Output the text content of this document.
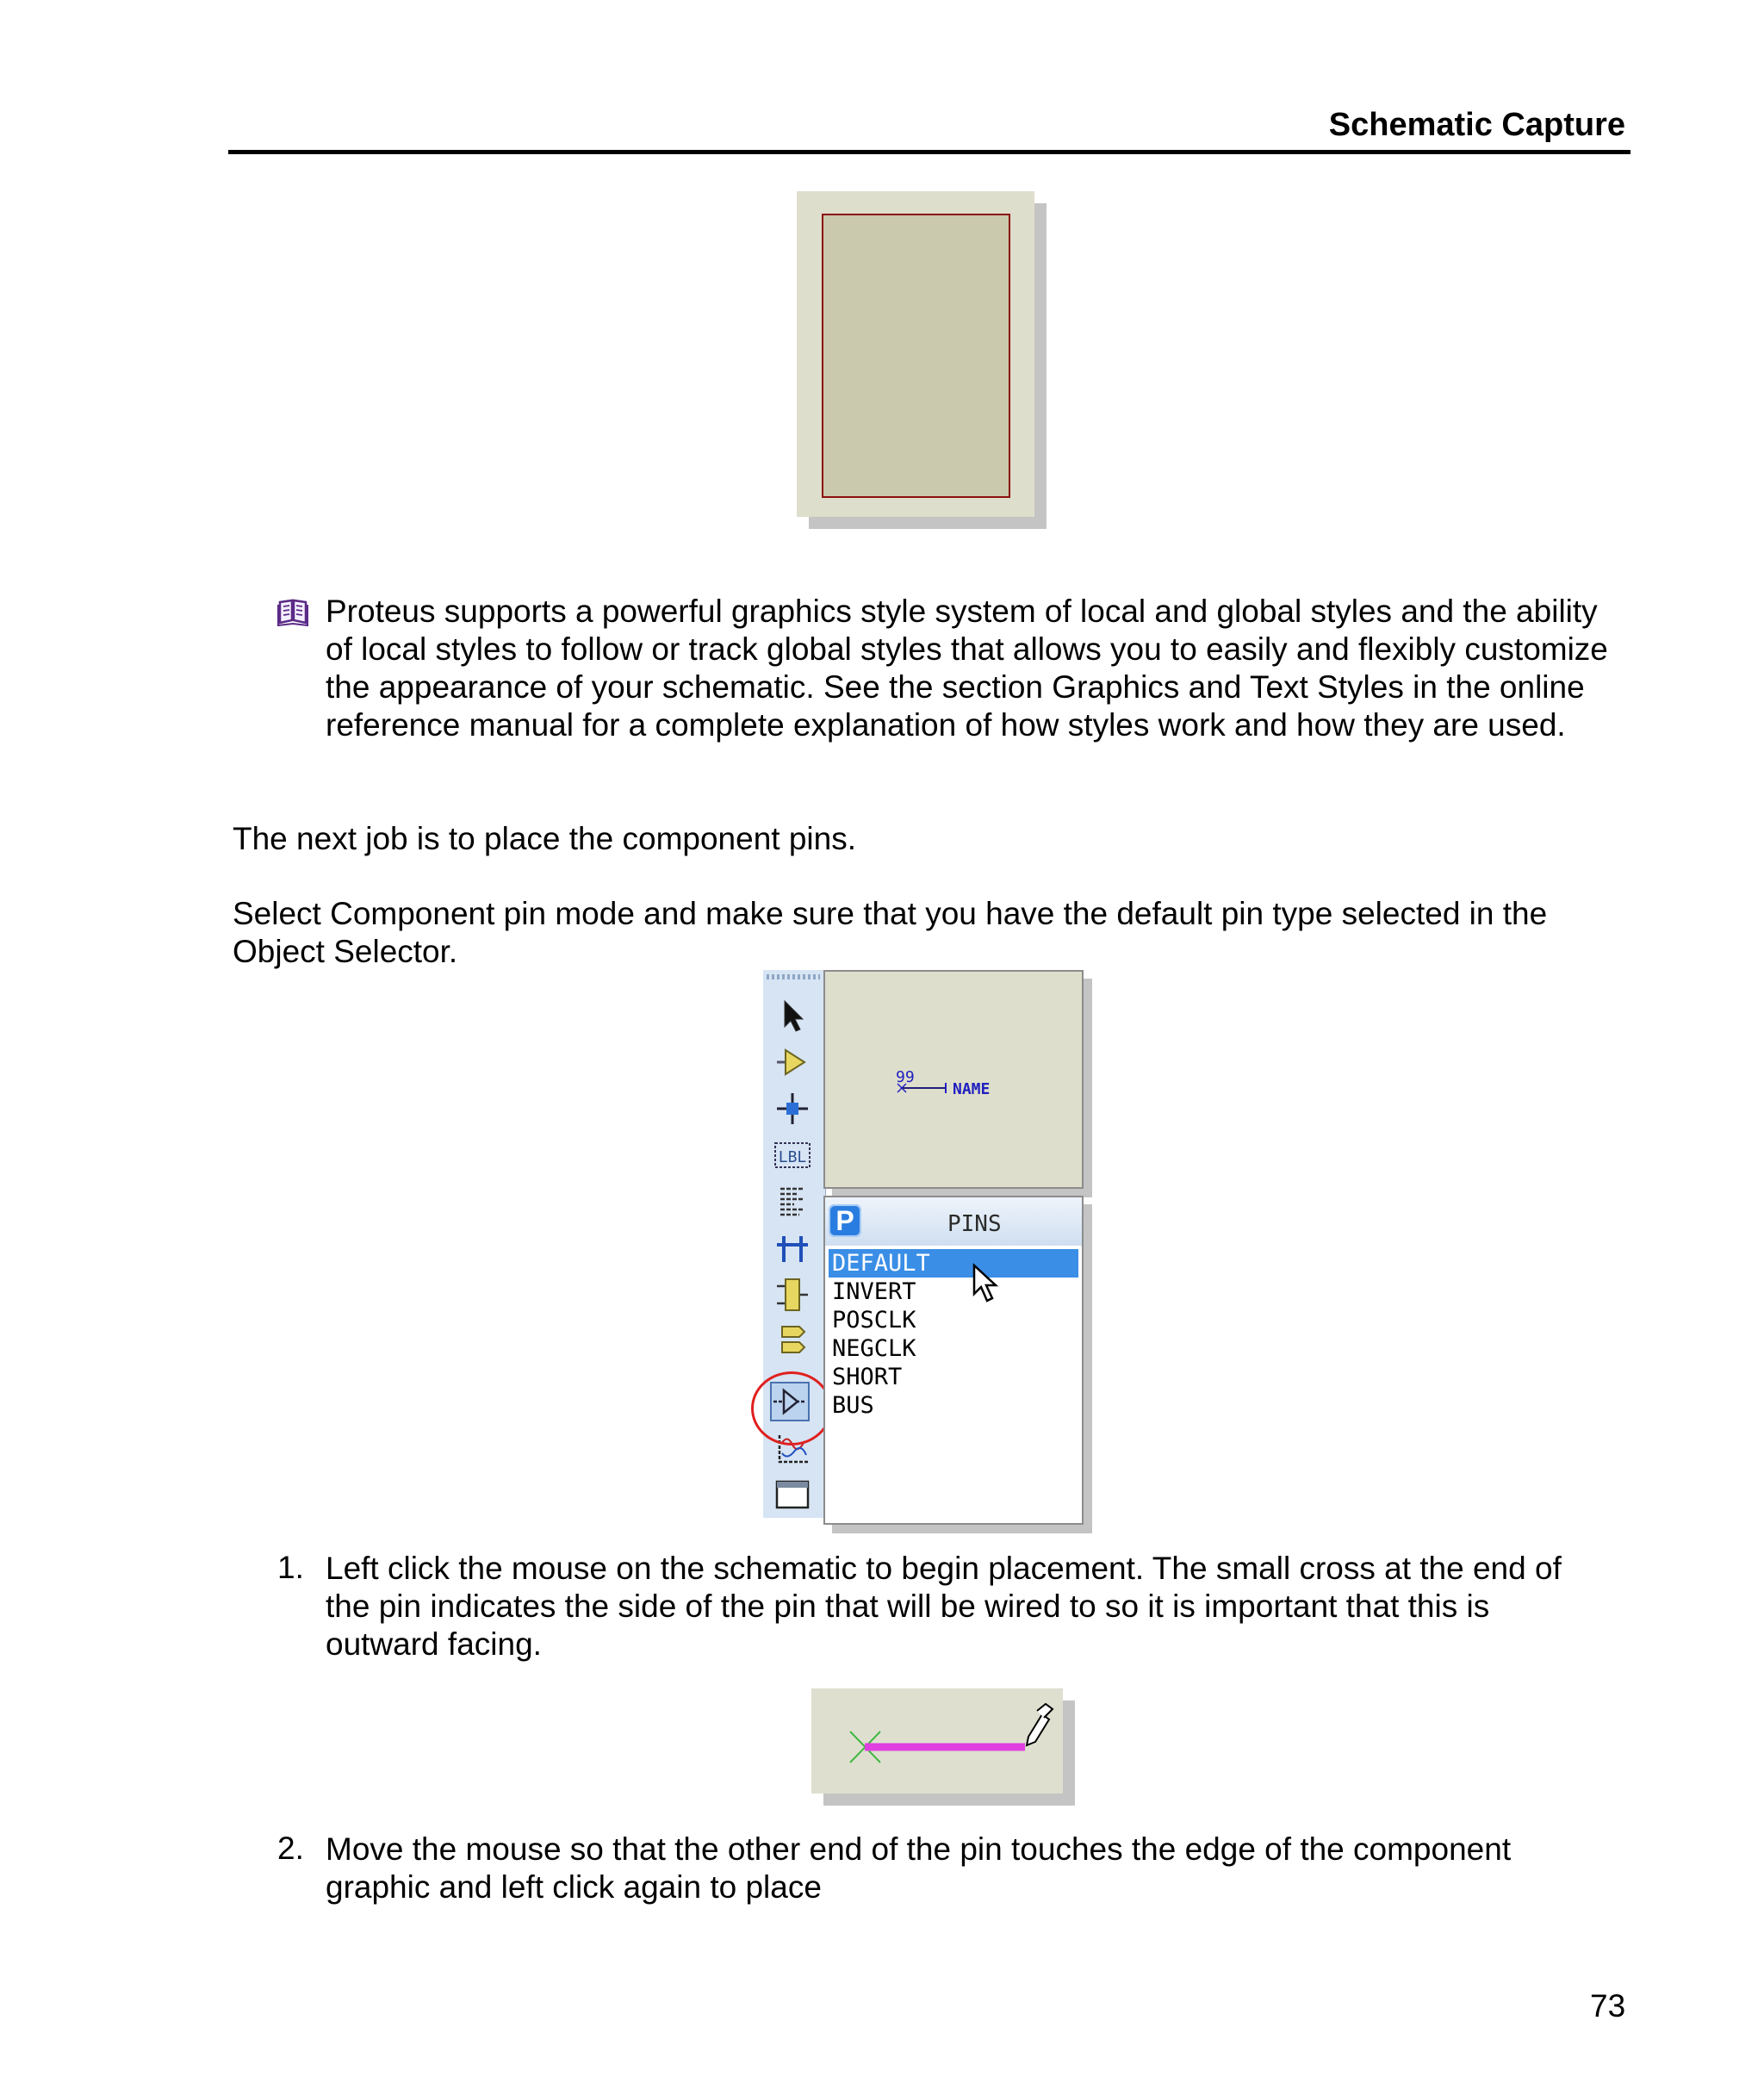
Schematic Capture
Proteus supports a powerful graphics style system of local and global styles and the ability of local styles to follow or track global styles that allows you to easily and flexibly customize the appearance of your schematic. See the section Graphics and Text Styles in the online reference manual for a complete explanation of how styles work and how they are used.
The next job is to place the component pins.
Select Component pin mode and make sure that you have the default pin type selected in the Object Selector.
LBL
99
NAME
P	PINS
DEFAULT
INVERT
POSCLK
NEGCLK
SHORT
BUS
1. Left click the mouse on the schematic to begin placement. The small cross at the end of the pin indicates the side of the pin that will be wired to so it is important that this is outward facing.
2. Move the mouse so that the other end of the pin touches the edge of the component graphic and left click again to place
73
